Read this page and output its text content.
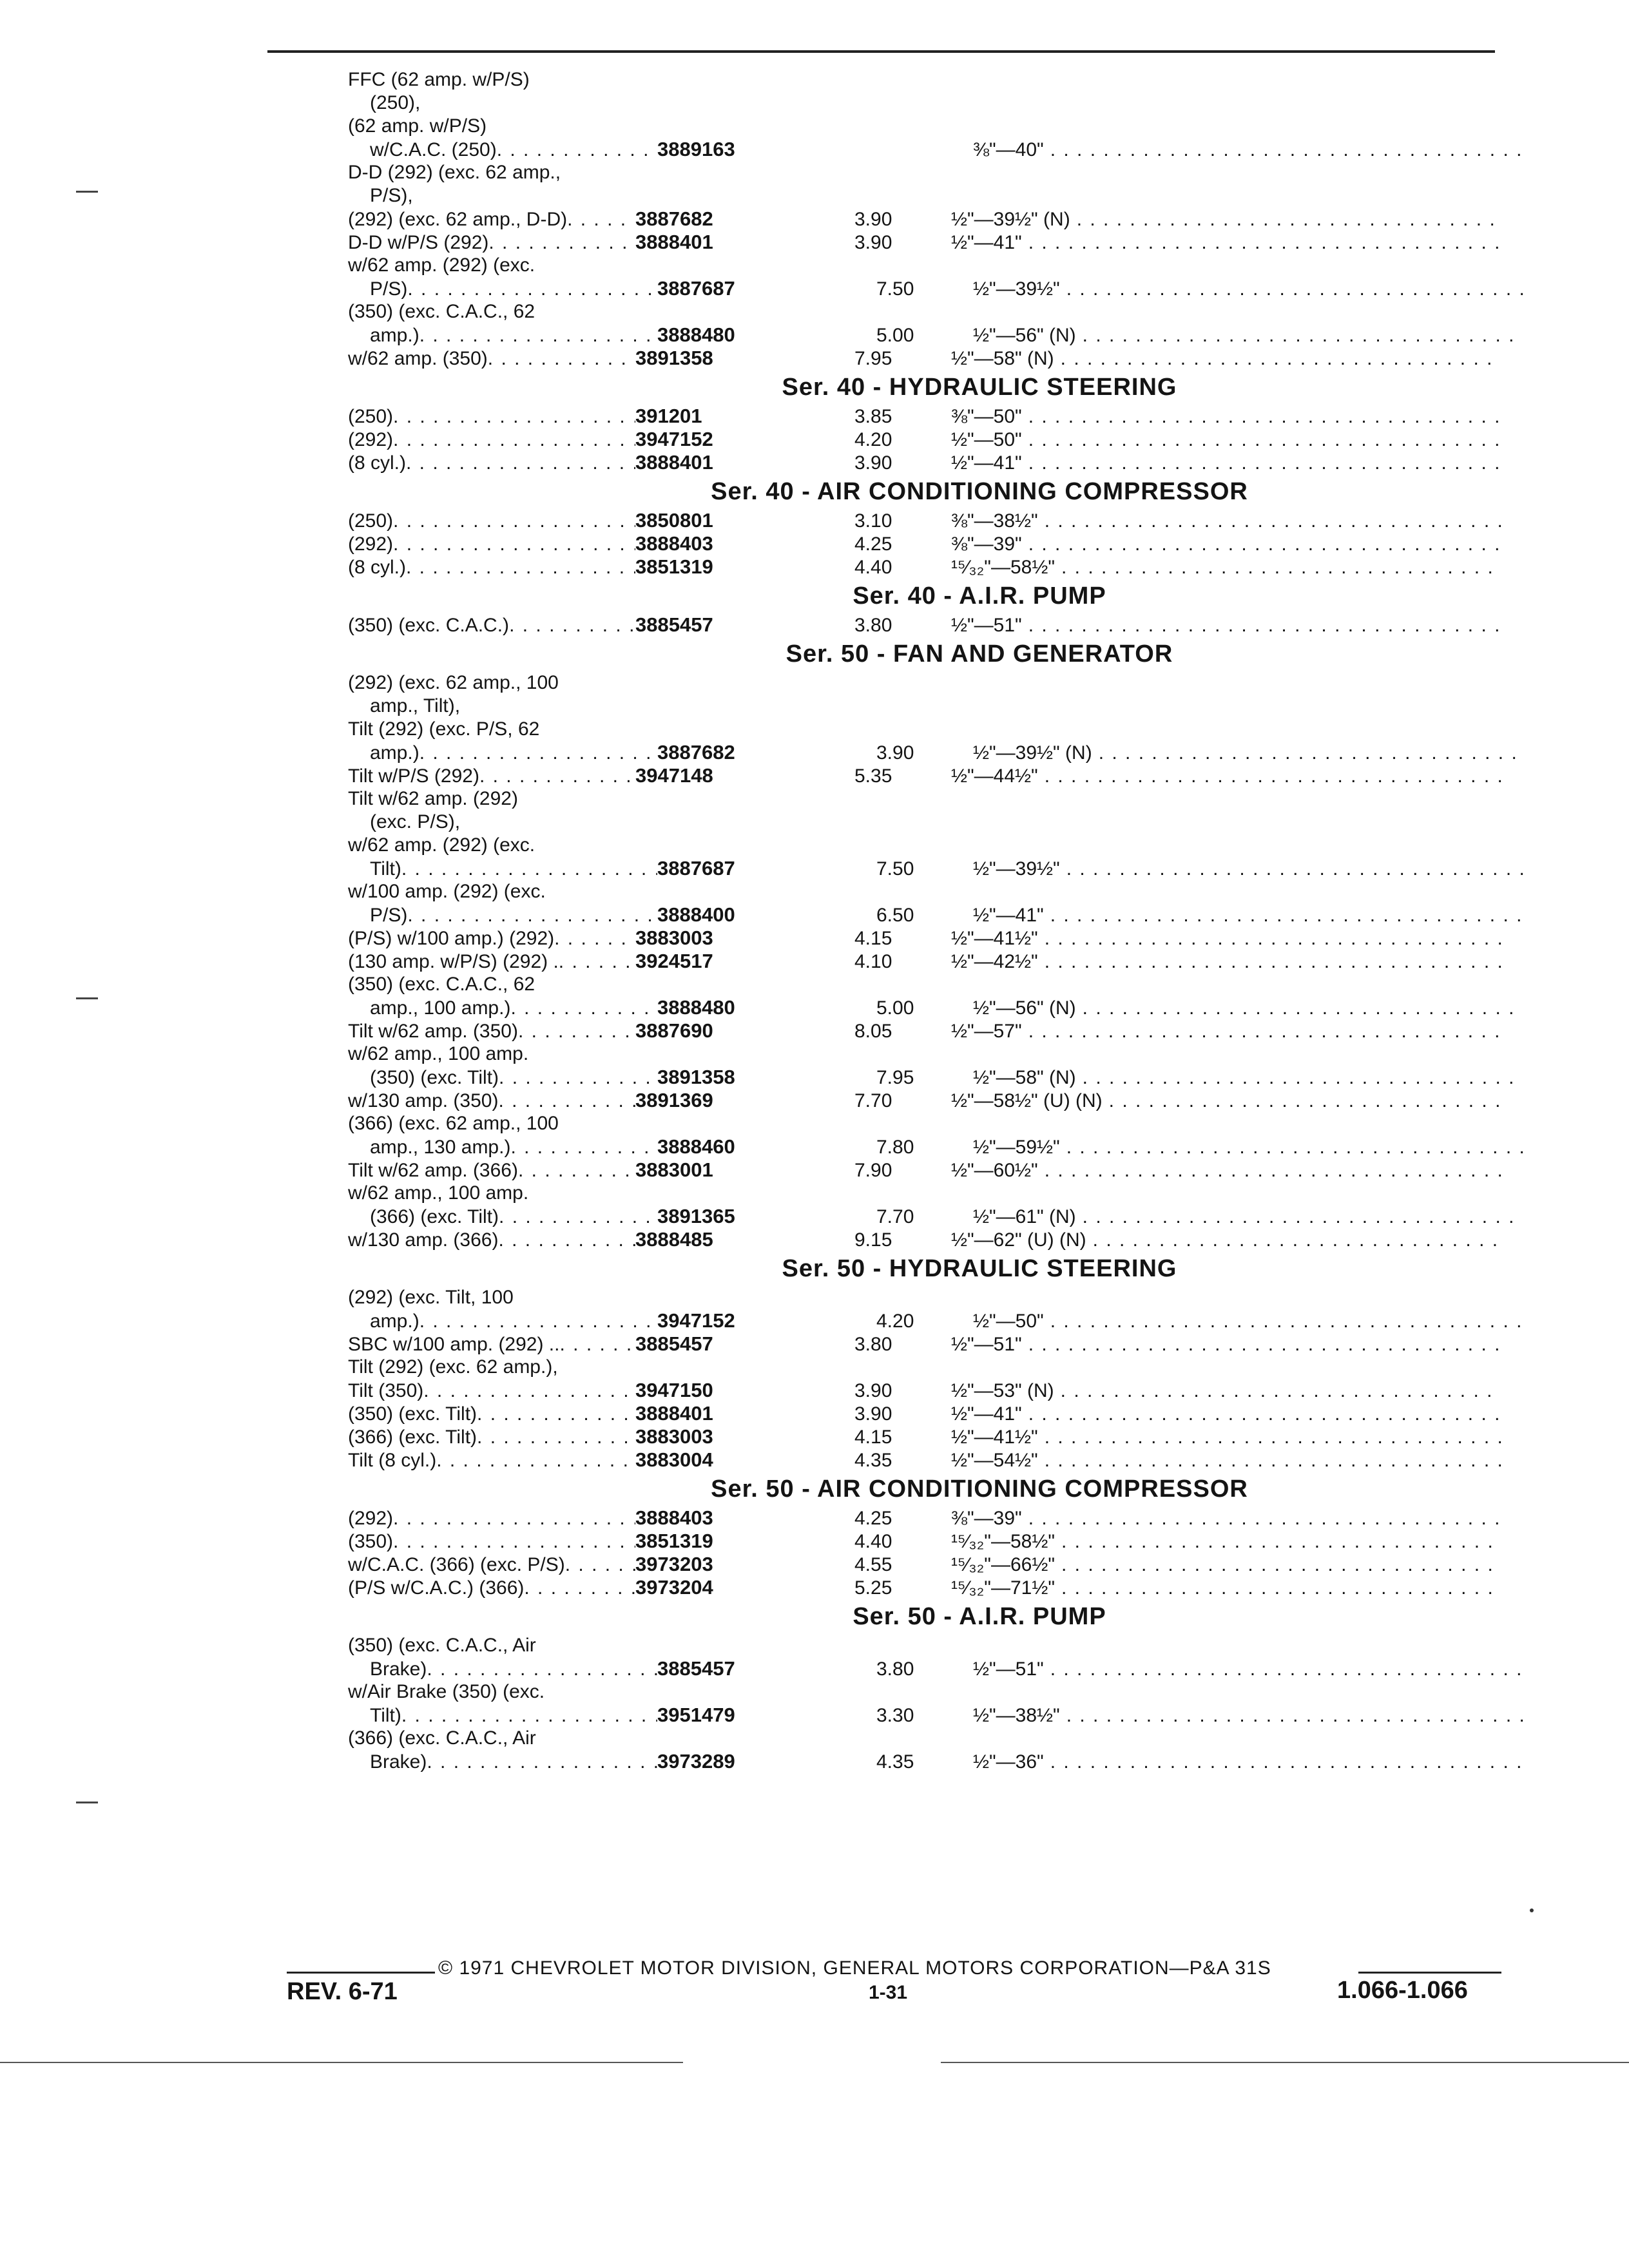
FFC (62 amp. w/P/S)
(250),
(62 amp. w/P/S)
w/C.A.C. (250) . . .	3889163	⅜"—40"
. . .
D-D (292) (exc. 62 amp.,
P/S),
(292) (exc. 62 amp., D-D) . . .	3887682	3.90	½"—39½" (N)
. . .
D-D w/P/S (292) . . .	3888401	3.90	½"—41"
. . .
w/62 amp. (292) (exc.
P/S) . . .	3887687	7.50	½"—39½"
. . .
(350) (exc. C.A.C., 62
amp.) . . .	3888480	5.00	½"—56" (N)
. . .
w/62 amp. (350) . . .	3891358	7.95	½"—58" (N)
. . .
Ser. 40 - HYDRAULIC STEERING
(250) . . .	391201	3.85	⅜"—50"
. . .
(292) . . .	3947152	4.20	½"—50"
. . .
(8 cyl.) . . .	3888401	3.90	½"—41"
. . .
Ser. 40 - AIR CONDITIONING COMPRESSOR
(250) . . .	3850801	3.10	⅜"—38½"
. . .
(292) . . .	3888403	4.25	⅜"—39"
. . .
(8 cyl.) . . .	3851319	4.40	¹⁵⁄₃₂"—58½"
. . .
Ser. 40 - A.I.R. PUMP
(350) (exc. C.A.C.) . . .	3885457	3.80	½"—51"
. . .
Ser. 50 - FAN AND GENERATOR
(292) (exc. 62 amp., 100
amp., Tilt),
Tilt (292) (exc. P/S, 62
amp.) . . .	3887682	3.90	½"—39½" (N)
. . .
Tilt w/P/S (292) . . .	3947148	5.35	½"—44½"
. . .
Tilt w/62 amp. (292)
(exc. P/S),
w/62 amp. (292) (exc.
Tilt) . . .	3887687	7.50	½"—39½"
. . .
w/100 amp. (292) (exc.
P/S) . . .	3888400	6.50	½"—41"
. . .
(P/S) w/100 amp.) (292) . . .	3883003	4.15	½"—41½"
. . .
(130 amp. w/P/S) (292) . . . .	3924517	4.10	½"—42½"
. . .
(350) (exc. C.A.C., 62
amp., 100 amp.) . . .	3888480	5.00	½"—56" (N)
. . .
Tilt w/62 amp. (350) . . .	3887690	8.05	½"—57"
. . .
w/62 amp., 100 amp.
(350) (exc. Tilt) . . .	3891358	7.95	½"—58" (N)
. . .
w/130 amp. (350) . . .	3891369	7.70	½"—58½" (U) (N)
. . .
(366) (exc. 62 amp., 100
amp., 130 amp.) . . .	3888460	7.80	½"—59½"
. . .
Tilt w/62 amp. (366) . . .	3883001	7.90	½"—60½"
. . .
w/62 amp., 100 amp.
(366) (exc. Tilt) . . .	3891365	7.70	½"—61" (N)
. . .
w/130 amp. (366) . . .	3888485	9.15	½"—62" (U) (N)
. . .
Ser. 50 - HYDRAULIC STEERING
(292) (exc. Tilt, 100
amp.) . . .	3947152	4.20	½"—50"
. . .
SBC w/100 amp. (292) .. . . .	3885457	3.80	½"—51"
. . .
Tilt (292) (exc. 62 amp.),
Tilt (350) . . .	3947150	3.90	½"—53" (N)
. . .
(350) (exc. Tilt) . . .	3888401	3.90	½"—41"
. . .
(366) (exc. Tilt) . . .	3883003	4.15	½"—41½"
. . .
Tilt (8 cyl.) . . .	3883004	4.35	½"—54½"
. . .
Ser. 50 - AIR CONDITIONING COMPRESSOR
(292) . . .	3888403	4.25	⅜"—39"
. . .
(350) . . .	3851319	4.40	¹⁵⁄₃₂"—58½"
. . .
w/C.A.C. (366) (exc. P/S) . . .	3973203	4.55	¹⁵⁄₃₂"—66½"
. . .
(P/S w/C.A.C.) (366) . . .	3973204	5.25	¹⁵⁄₃₂"—71½"
. . .
Ser. 50 - A.I.R. PUMP
(350) (exc. C.A.C., Air
Brake) . . .	3885457	3.80	½"—51"
. . .
w/Air Brake (350) (exc.
Tilt) . . .	3951479	3.30	½"—38½"
. . .
(366) (exc. C.A.C., Air
Brake) . . .	3973289	4.35	½"—36"
. . .
© 1971 CHEVROLET MOTOR DIVISION, GENERAL MOTORS CORPORATION—P&A 31S
REV. 6-71	1-31	1.066-1.066
